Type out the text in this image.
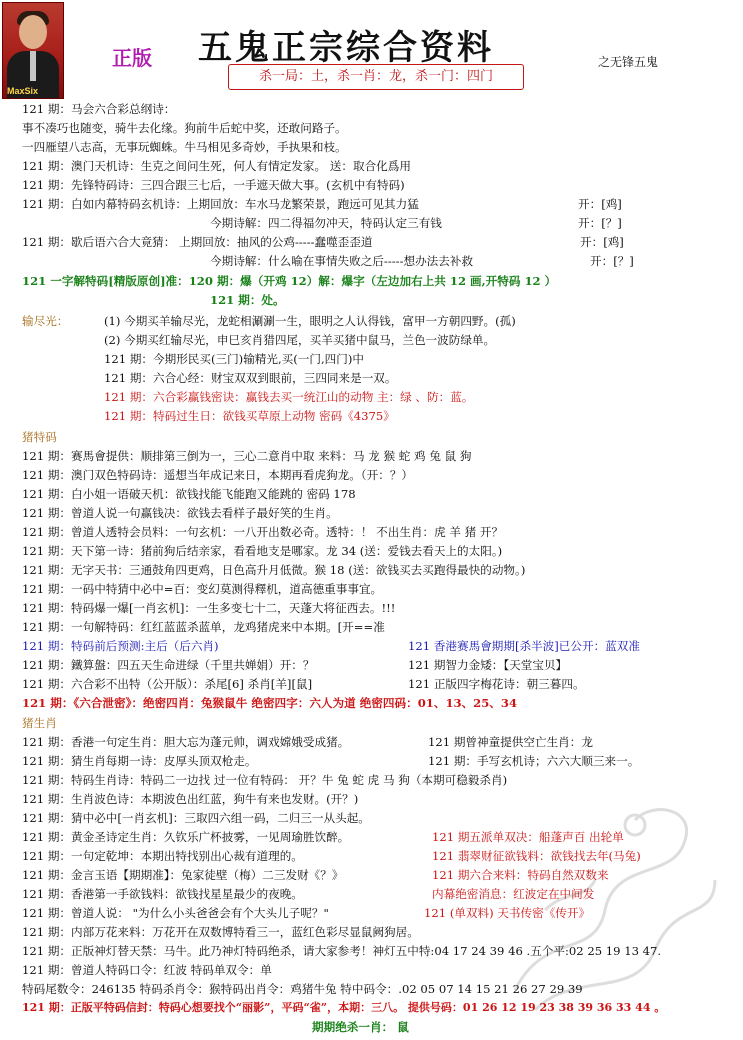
MaxSix
正版 五鬼正宗综合资料	之无锋五鬼
杀一局：土，杀一肖：龙，杀一门：四门
121 期：马会六合彩总纲诗：
事不凑巧也随变，骑牛去化缘。狗前牛后蛇中奖，还敢问路子。
一四雁望八志高，无事玩蜘蛛。牛马相见多奇妙，手执果和枝。
121 期：澳门天机诗：生克之间问生死，何人有情定发家。 送：取合化爲用
121 期：先锋特码诗：三四合跟三七后，一手遮天做大事。(玄机中有特码)
121 期：白如内幕特码玄机诗：上期回放：车水马龙繁荣景，跑远可见其力猛	开：[鸡]
今期诗解：四二得福勿冲天，特码认定三有钱	开：[？]
121 期：歇后语六合大竟猜： 上期回放：抽风的公鸡-----蠢噬歪歪道	开：[鸡]
今期诗解：什么喻在事情失败之后-----想办法去补救	开：[？]
121 一字解特码[精版原创]准：120 期：爆（开鸡 12）解：爆字（左边加右上共 12 画,开特码 12 ）
121 期：处。
输尽光：	(1) 今期买羊输尽光，龙蛇相涮涮一生，眼明之人认得钱，富甲一方朝四野。(孤)
(2) 今期买红输尽光，申巳亥肖猎四尾，买羊买猪中鼠马，兰色一波防绿单。
121 期：今期形民买(三门)输精光,买(一门,四门)中
121 期：六合心经：财宝双双到眼前，三四同来是一双。
121 期：六合彩赢钱密诀：赢钱去买一统江山的动物 主：绿 、防：蓝。
121 期：特码过生日：欲钱买草原上动物 密码《4375》
猪特码
121 期：赛馬會提供：顺排第三倒为一，三心二意肖中取 来料：马 龙 猴 蛇 鸡 兔 鼠 狗
121 期：澳门双色特码诗：遥想当年成记来日，本期再看虎狗龙。（开：？）
121 期：白小姐一语破天机：欲钱找能飞能跑又能跳的 密码 178
121 期：曾道人说一句赢钱决：欲钱去看样子最好笑的生肖。
121 期：曾道人透特会员料：一句玄机：一八开出数必奇。透特：！ 不出生肖：虎 羊 猪 开？
121 期：天下第一诗：猪前狗后结亲家，看看地支是哪家。龙 34 (送：爱钱去看天上的太阳。)
121 期：无字天书：三通鼓角四更鸡，日色高升月低微。猴 18 (送：欲钱买去买跑得最快的动物。)
121 期：一码中特猜中必中=百：变幻莫测得釋机，道高德重事事宜。
121 期：特码爆一爆[一肖玄机]：一生多变七十二，天蓬大将征西去。!!!
121 期：一句解特码：红红蓝蓝杀蓝单，龙鸡猪虎来中本期。[开==准
121 期：特码前后预测:主后（后六肖)	121 香港赛馬會期期[杀半波]已公开：蓝双准
121 期：鐵算盤：四五天生命进绿（千里共婵娟）开：？	121 期智力金矮：【天堂宝贝】
121 期：六合彩不出特（公开版）：杀尾[6] 杀肖[羊][鼠]	121 正版四字梅花诗：朝三暮四。
121 期：《六合泄密》：绝密四肖：兔猴鼠牛 绝密四字：六人为道 绝密四码：01、13、25、34
猪生肖
121 期：香港一句定生肖：胆大忘为蓬元帅，调戏嫦娥受成猪。	121 期曾神童提供空亡生肖：龙
121 期：猜生肖每期一诗：皮厚头顶双枪走。	121 期：手写玄机诗；六六大顺三来一。
121 期：特码生肖诗：特码二一边找 过一位有特码： 开？牛 兔 蛇 虎 马 狗（本期可稳毅杀肖)
121 期：生肖波色诗：本期波色出红蓝，狗牛有来也发财。(开？)
121 期：猜中必中[一肖玄机]：三取四六组一码，二归三一从头起。
121 期：黄金圣诗定生肖：久钦乐广杯披雾，一见周瑜胜饮醉。	121 期五派单双决：船蓬声百 出轮单
121 期：一句定乾坤：本期出特找别出心裁有道理的。	121 翡翠财征欲钱料：欲钱找去年(马兔)
121 期：金言玉语【期期准】：兔家徒壁（梅）二三发财《？》	121 期六合来料：特码自然双数来
121 期：香港第一手欲钱料：欲钱找星星最少的夜晚。	内幕绝密消息：红波定在中间发
121 期：曾道人说： "为什么小头爸爸会有个大头儿子呢？"	121 (单双料) 天书传密《传开》
121 期：内部万花来料：万花开在双数博特看三一，蓝红色彩尽显鼠阙狗居。
121 期：正版神灯替天禁：马牛。此乃神灯特码绝杀，请大家参考！神灯五中特:04 17 24 39 46 .五个平:02 25 19 13 47.
121 期：曾道人特码口令：红波 特码单双令：单
特码尾数令：246135 特码杀肖令：猴特码出肖令：鸡猪牛兔 特中码令：.02 05 07 14 15 21 26 27 29 39
121 期：正版平特码信封：特码心想要找个“丽影”，平码“雀”，本期：三八。 提供号码：01 26 12 19 23 38 39 36 33 44 。
期期绝杀一肖： 鼠
